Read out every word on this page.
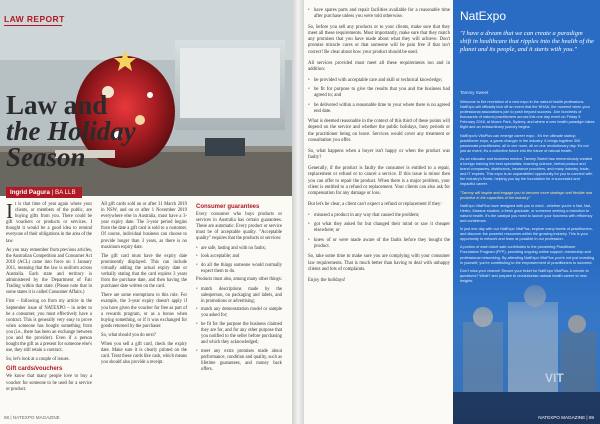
LAW REPORT
Law and
the Holiday
Season
Ingrid Pagura | BA LLB

It is that time of year again where your clients, or members of the public, are buying gifts from you. There could be gift vouchers or products or services. I thought it would be a good idea to remind everyone of their obligations in the area of the law.

As you may remember from previous articles, the Australian Competition and Consumer Act 2010 (ACL) came into force on 1 January 2011, meaning that the law is uniform across Australia. Each state and territory is administered by the Department of Fair Trading within that state. (Please note that in some states it is called Consumer Affairs.)

First – following on from my article in the September issue of NATEXPO – in order to be a consumer, you must effectively have a contract. This is generally very easy to prove when someone has bought something from you (i.e., there has been an exchange between you and the provider). Even if a person bought the gift as a present for someone else's use, they still retain a contract.

So, let's look at a couple of issues.

Gift cards/vouchers

We know that many people love to buy a voucher for someone to be used for a service or product.

All gift cards sold on or after 31 March 2019 in NSW, and on or after 1 November 2019 everywhere else in Australia, must have a 3-year expiry date. The 3-year period begins from the date a gift card is sold to a customer. Of course, individual business can choose to provide longer than 3 years, as there is no maximum expiry date.

The gift card must have the expiry date prominently displayed. This can include virtually adding the actual expiry date or verbally stating that the card expires 3 years from the purchase date, and then having the purchaser date written on the card.

There are some exemptions to this rule. For example, the 3-year expiry doesn't apply if you have given the voucher for free as part of a rewards program, or as a bonus when buying something, or if it was exchanged for goods returned by the purchaser.

So, what should you do next?

When you sell a gift card, check the expiry date. Make sure it is clearly printed on the card. Treat these cards like cash, which means you should also provide a receipt.

Consumer guarantees

Every consumer who buys products or services in Australia has certain guarantees. These are automatic. Every product or service must be of acceptable quality. "Acceptable quality" requires that the products or services:

• are safe, lasting and with no faults;
• look acceptable; and
• do all the things someone would normally expect them to do.

Products must also, among many other things:

• match descriptions made by the salesperson, on packaging and labels, and in promotions or advertising;
• match any demonstration model or sample you asked for;
• be fit for the purpose the business claimed they are for, and for any other purpose that you notified to the seller before purchasing and which they acknowledged;
• meet any extra promises made about performance, condition and quality, such as lifetime guarantees, and money back offers.
68 | NATEXPO MAGAZINE
• have spares parts and repair facilities available for a reasonable time after purchase unless you were told otherwise.

So, before you sell any products or to your clients, make sure that they meet all these requirements. Most importantly, make sure that they match any promises that you have made about what they will achieve. Don't promise miracle cures or that someone will be pain free if that isn't correct! Be clear about how your product should be used.

All services provided must meet all these requirements too and in addition:

• be provided with acceptable care and skill or technical knowledge;
• be fit for purpose to give the results that you and the business had agreed to; and
• be delivered within a reasonable time to your where there is no agreed end date.

What is deemed reasonable in the context of this third of these points will depend on the service and whether the public holidays, busy periods or the practitioner being on leave. Services would cover any treatment or consultation you offer.

So, what happens when a buyer isn't happy or when the product was faulty?

Generally, if the product is faulty the consumer is entitled to a repair, replacement or refund or to cancel a service. If this issue is minor then you can offer to repair the product. When there is a major problem, your client is entitled to a refund or replacement. Your clients can also ask for compensation for any damage or loss.

But let's be clear, a client can't expect a refund or replacement if they:

• misused a product in any way that caused the problem;
• got what they asked for but changed their mind or saw it cheaper elsewhere; or
• knew of or were made aware of the faults before they bought the product.

So, take some time to make sure you are complying with your consumer law requirements. That is much better than having to deal with unhappy clients and lots of complaints.

Enjoy the holidays!

NatExpo
"I have a dream that we can create a paradigm shift in healthcare that ripples into the health of the planet and its people, and it starts with you."
Tammy Sweet

Welcome to the revelation of a new expo in the natural health professions. NatExpo will officially kick off an event that the NHAA, the moment when your professional associations join to push beyond success. Join hundreds of thousands of natural practitioners across this one day event on Friday 9 February 2018, at Moore Park, Sydney, and where a new health paradigm takes flight and an extraordinary journey begins.

NatExpo's VitaPlus can emerge career expo - it's the ultimate startup practitioner expo, a game-changer in the industry. It brings together 300 passionate practitioners, all in one room, all on one revolutionary day. It's not just an event, it's a collective future into the future of natural health.

As an educator and business mentor, Tammy Sweet has tremendously created a foreign training the best specialists, teaching science, herbal product and brand companies, distributors, insurance providers, and many industry, trade, and IT experts. This expo is an unparalleled opportunity for you to connect with the industry's finest, helping you lay the foundation for a successful and impactful career.

"Tammy will inspire and engage you to become more strategic and flexible and proactive in the capacities of the industry."

NatExpo VitaPlus have designed with you in mind - whether you're a Nat, Nat, Herbo, Massue student, a fresh graduate, or someone seeking a transition to natural health. It's the catalyst you need to launch your business with efficiency and confidence.

In just one day with our NatExpo VitaPlus, explore many facets of practitioners, and discover the powerful resources within the growing industry. This is your opportunity to network and learn at possible in our profession.

A portion of each ticket sale contributes to the pioneering Practitioner Foundation Program (PFP), providing ongoing online support, mentorship and professional networking. By attending NatExpo VitaPlus you're not just investing in yourself; you're contributing to the empowerment of practitioners to succeed.

Don't miss your chance! Secure your ticket for NatExpo VitaPlus. A minute to questions? What? and prepare to revolutionise natural health career to new heights.

NATEXPO MAGAZINE | 69
